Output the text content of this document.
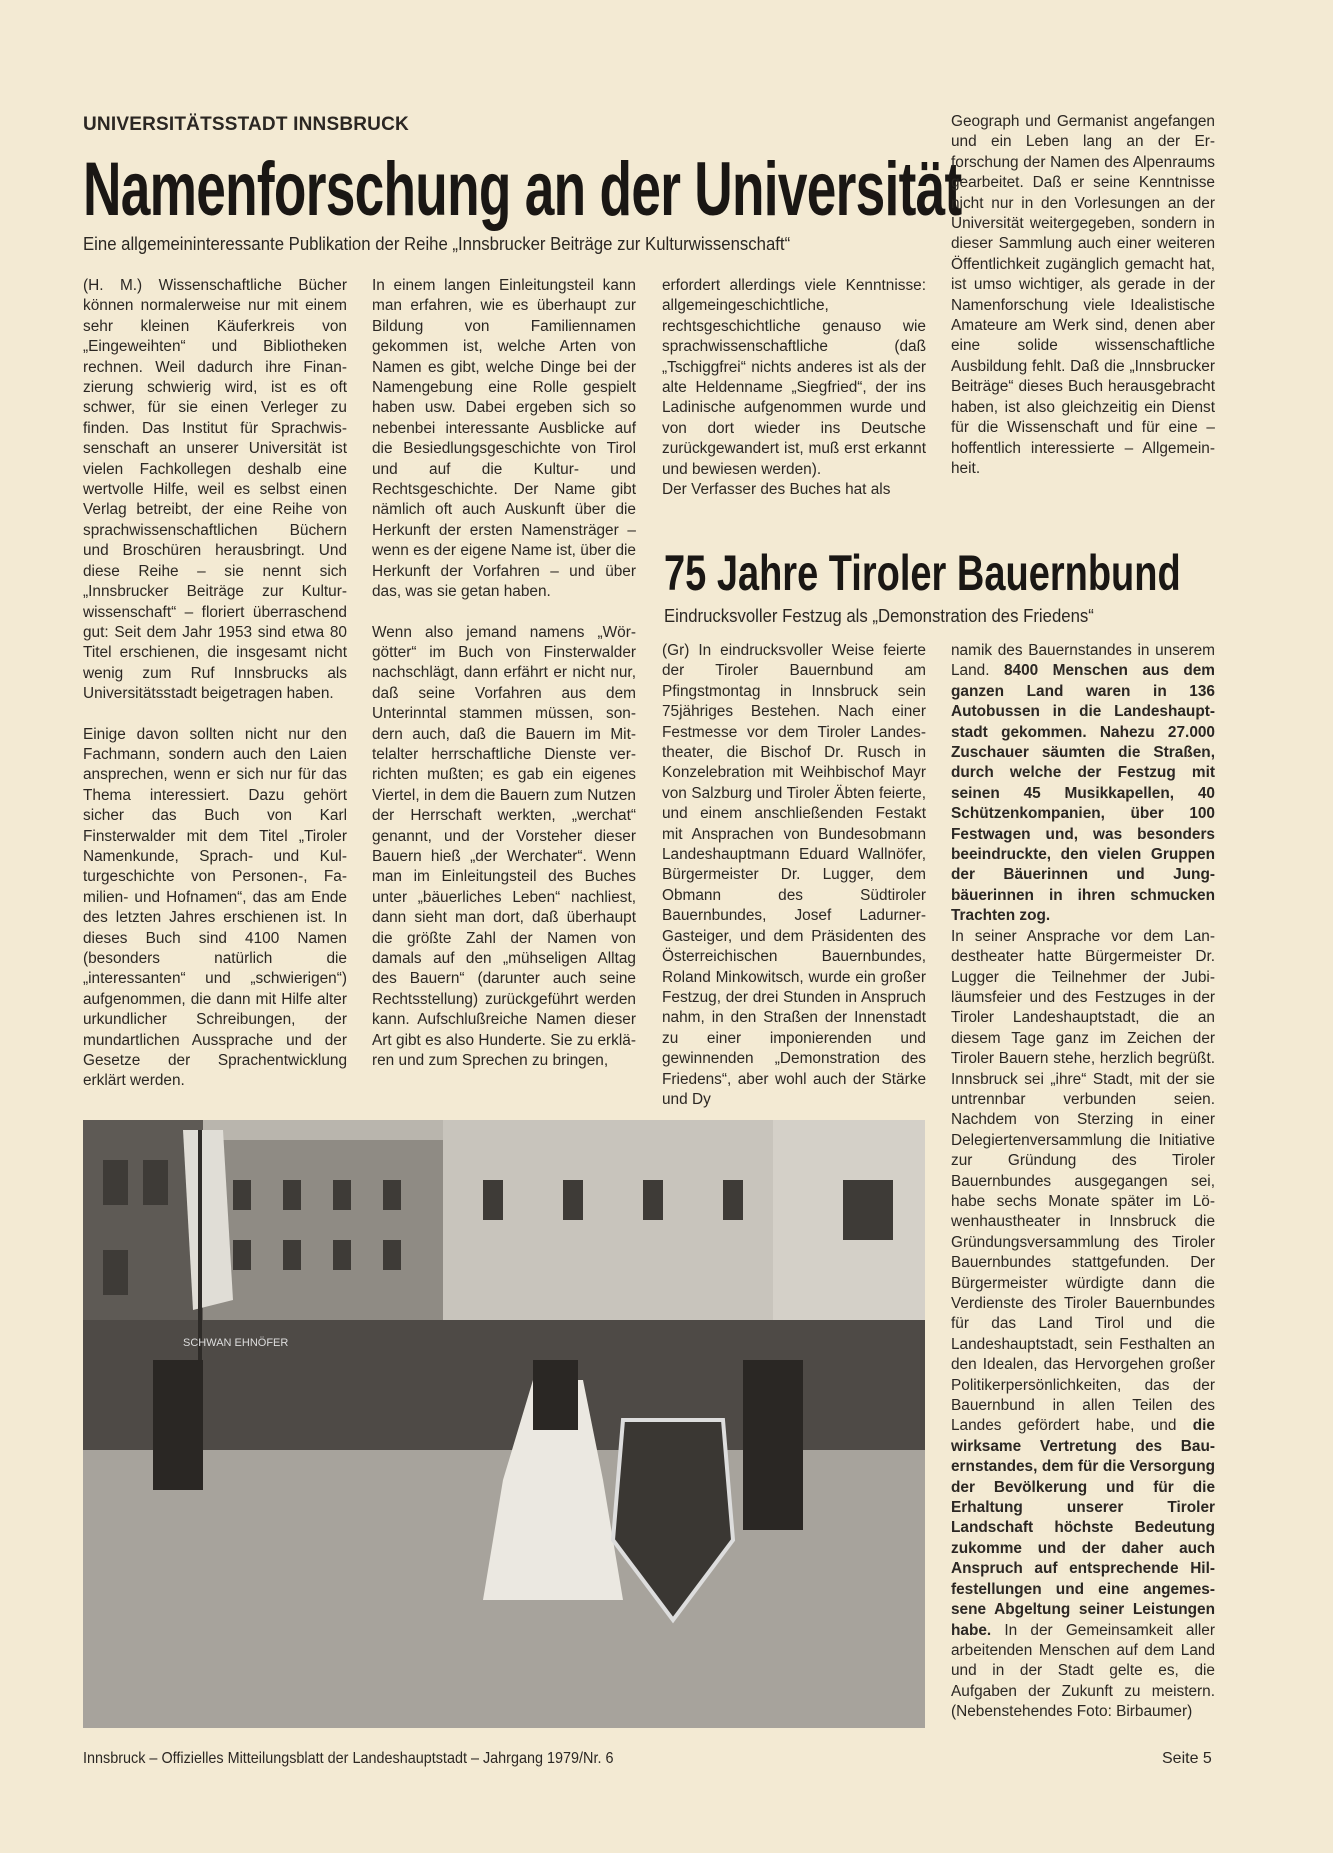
UNIVERSITÄTSSTADT INNSBRUCK
Namenforschung an der Universität
Eine allgemeininteressante Publikation der Reihe „Innsbrucker Beiträge zur Kulturwissenschaft“

(H. M.) Wissenschaftliche Bücher können normalerweise nur mit einem sehr kleinen Käuferkreis von „Eingeweihten“ und Bibliotheken rechnen. Weil dadurch ihre Finanzierung schwierig wird, ist es oft schwer, für sie einen Verleger zu finden. Das Institut für Sprachwissenschaft an unserer Universität ist vielen Fachkollegen deshalb eine wertvolle Hilfe, weil es selbst einen Verlag betreibt, der eine Reihe von sprachwissenschaftlichen Büchern und Broschüren herausbringt. Und diese Reihe – sie nennt sich „Innsbrucker Beiträge zur Kulturwissenschaft“ – floriert überraschend gut: Seit dem Jahr 1953 sind etwa 80 Titel erschienen, die insgesamt nicht wenig zum Ruf Innsbrucks als Universitätsstadt beigetragen haben.

Einige davon sollten nicht nur den Fachmann, sondern auch den Laien ansprechen, wenn er sich nur für das Thema interessiert. Dazu gehört sicher das Buch von Karl Finsterwalder mit dem Titel „Tiroler Namenkunde, Sprach- und Kulturgeschichte von Personen-, Familien- und Hofnamen“, das am Ende des letzten Jahres erschienen ist. In dieses Buch sind 4100 Namen (besonders natürlich die „interessanten“ und „schwierigen“) aufgenommen, die dann mit Hilfe alter urkundlicher Schreibungen, der mundartlichen Aussprache und der Gesetze der Sprachentwicklung erklärt werden.

In einem langen Einleitungsteil kann man erfahren, wie es überhaupt zur Bildung von Familiennamen gekommen ist, welche Arten von Namen es gibt, welche Dinge bei der Namengebung eine Rolle gespielt haben usw. Dabei ergeben sich so nebenbei interessante Ausblicke auf die Besiedlungsgeschichte von Tirol und auf die Kultur- und Rechtsgeschichte. Der Name gibt nämlich oft auch Auskunft über die Herkunft der ersten Namensträger – wenn es der eigene Name ist, über die Herkunft der Vorfahren – und über das, was sie getan haben.

Wenn also jemand namens „Wörgötter“ im Buch von Finsterwalder nachschlägt, dann erfährt er nicht nur, daß seine Vorfahren aus dem Unterinntal stammen müssen, sondern auch, daß die Bauern im Mittelalter herrschaftliche Dienste verrichten mußten; es gab ein eigenes Viertel, in dem die Bauern zum Nutzen der Herrschaft werkten, „werchat“ genannt, und der Vorsteher dieser Bauern hieß „der Werchater“. Wenn man im Einleitungsteil des Buches unter „bäuerliches Leben“ nachliest, dann sieht man dort, daß überhaupt die größte Zahl der Namen von damals auf den „mühseligen Alltag des Bauern“ (darunter auch seine Rechtsstellung) zurückgeführt werden kann. Aufschlußreiche Namen dieser Art gibt es also Hunderte. Sie zu erklären und zum Sprechen zu bringen,

erfordert allerdings viele Kenntnisse: allgemeingeschichtliche, rechtsgeschichtliche genauso wie sprachwissenschaftliche (daß „Tschiggfrei“ nichts anderes ist als der alte Heldenname „Siegfried“, der ins Ladinische aufgenommen wurde und von dort wieder ins Deutsche zurückgewandert ist, muß erst erkannt und bewiesen werden).

Der Verfasser des Buches hat als

Geograph und Germanist angefangen und ein Leben lang an der Erforschung der Namen des Alpenraums gearbeitet. Daß er seine Kenntnisse nicht nur in den Vorlesungen an der Universität weitergegeben, sondern in dieser Sammlung auch einer weiteren Öffentlichkeit zugänglich gemacht hat, ist umso wichtiger, als gerade in der Namenforschung viele Idealistische Amateure am Werk sind, denen aber eine solide wissenschaftliche Ausbildung fehlt. Daß die „Innsbrucker Beiträge“ dieses Buch herausgebracht haben, ist also gleichzeitig ein Dienst für die Wissenschaft und für eine – hoffentlich interessierte – Allgemeinheit.

75 Jahre Tiroler Bauernbund
Eindrucksvoller Festzug als „Demonstration des Friedens“

(Gr) In eindrucksvoller Weise feierte der Tiroler Bauernbund am Pfingstmontag in Innsbruck sein 75jähriges Bestehen. Nach einer Festmesse vor dem Tiroler Landestheater, die Bischof Dr. Rusch in Konzelebration mit Weihbischof Mayr von Salzburg und Tiroler Äbten feierte, und einem anschließenden Festakt mit Ansprachen von Bundesobmann Landeshauptmann Eduard Wallnöfer, Bürgermeister Dr. Lugger, dem Obmann des Südtiroler Bauernbundes, Josef Ladurner-Gasteiger, und dem Präsidenten des Österreichischen Bauernbundes, Roland Minkowitsch, wurde ein großer Festzug, der drei Stunden in Anspruch nahm, in den Straßen der Innenstadt zu einer imponierenden und gewinnenden „Demonstration des Friedens“, aber wohl auch der Stärke und Dy

namik des Bauernstandes in unserem Land. 8400 Menschen aus dem ganzen Land waren in 136 Autobussen in die Landeshauptstadt gekommen. Nahezu 27.000 Zuschauer säumten die Straßen, durch welche der Festzug mit seinen 45 Musikkapellen, 40 Schützenkompanien, über 100 Festwagen und, was besonders beeindruckte, den vielen Gruppen der Bäuerinnen und Jungbäuerinnen in ihren schmucken Trachten zog.

In seiner Ansprache vor dem Landestheater hatte Bürgermeister Dr. Lugger die Teilnehmer der Jubiläumsfeier und des Festzuges in der Tiroler Landeshauptstadt, die an diesem Tage ganz im Zeichen der Tiroler Bauern stehe, herzlich begrüßt. Innsbruck sei „ihre“ Stadt, mit der sie untrennbar verbunden seien. Nachdem von Sterzing in einer Delegiertenversammlung die Initiative zur Gründung des Tiroler Bauernbundes ausgegangen sei, habe sechs Monate später im Löwenhaustheater in Innsbruck die Gründungsversammlung des Tiroler Bauernbundes stattgefunden. Der Bürgermeister würdigte dann die Verdienste des Tiroler Bauernbundes für das Land Tirol und die Landeshauptstadt, sein Festhalten an den Idealen, das Hervorgehen großer Politikerpersönlichkeiten, das der Bauernbund in allen Teilen des Landes gefördert habe, und die wirksame Vertretung des Bauernstandes, dem für die Versorgung der Bevölkerung und für die Erhaltung unserer Tiroler Landschaft höchste Bedeutung zukomme und der daher auch Anspruch auf entsprechende Hilfestellungen und eine angemessene Abgeltung seiner Leistungen habe. In der Gemeinsamkeit aller arbeitenden Menschen auf dem Land und in der Stadt gelte es, die Aufgaben der Zukunft zu meistern. (Nebenstehendes Foto: Birbaumer)

SCHWAN EHNÖFER
Innsbruck – Offizielles Mitteilungsblatt der Landeshauptstadt – Jahrgang 1979/Nr. 6	Seite 5
